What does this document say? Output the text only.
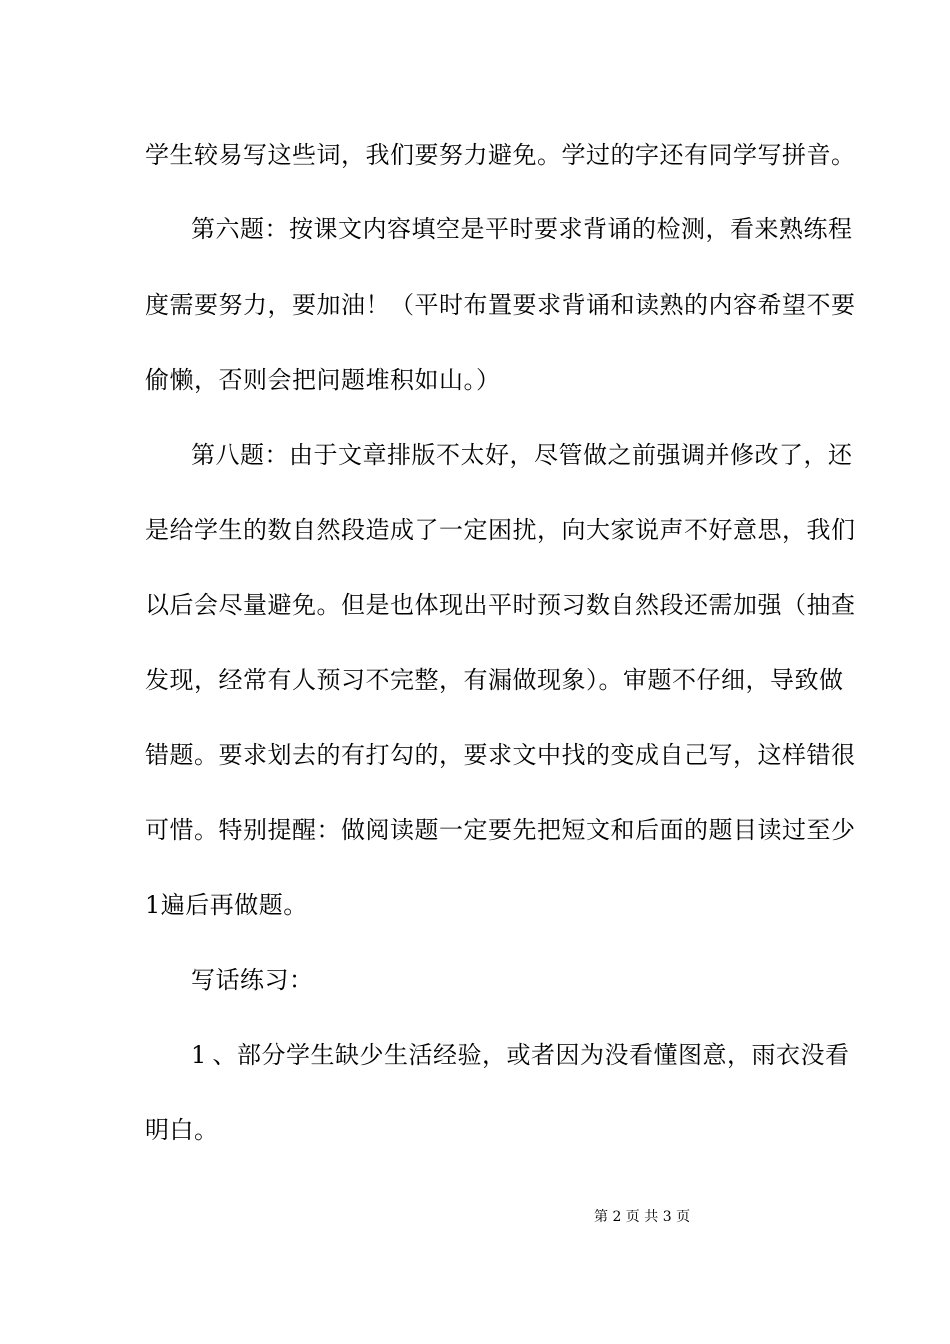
学生较易写这些词，我们要努力避免。学过的字还有同学写拼音。
第六题：按课文内容填空是平时要求背诵的检测，看来熟练程
度需要努力，要加油！（平时布置要求背诵和读熟的内容希望不要
偷懒，否则会把问题堆积如山。）
第八题：由于文章排版不太好，尽管做之前强调并修改了，还
是给学生的数自然段造成了一定困扰，向大家说声不好意思，我们
以后会尽量避免。但是也体现出平时预习数自然段还需加强（抽查
发现，经常有人预习不完整，有漏做现象）。审题不仔细，导致做
错题。要求划去的有打勾的，要求文中找的变成自己写，这样错很
可惜。特别提醒：做阅读题一定要先把短文和后面的题目读过至少
1遍后再做题。
写话练习：
1、部分学生缺少生活经验，或者因为没看懂图意，雨衣没看
明白。
第 2 页 共 3 页
